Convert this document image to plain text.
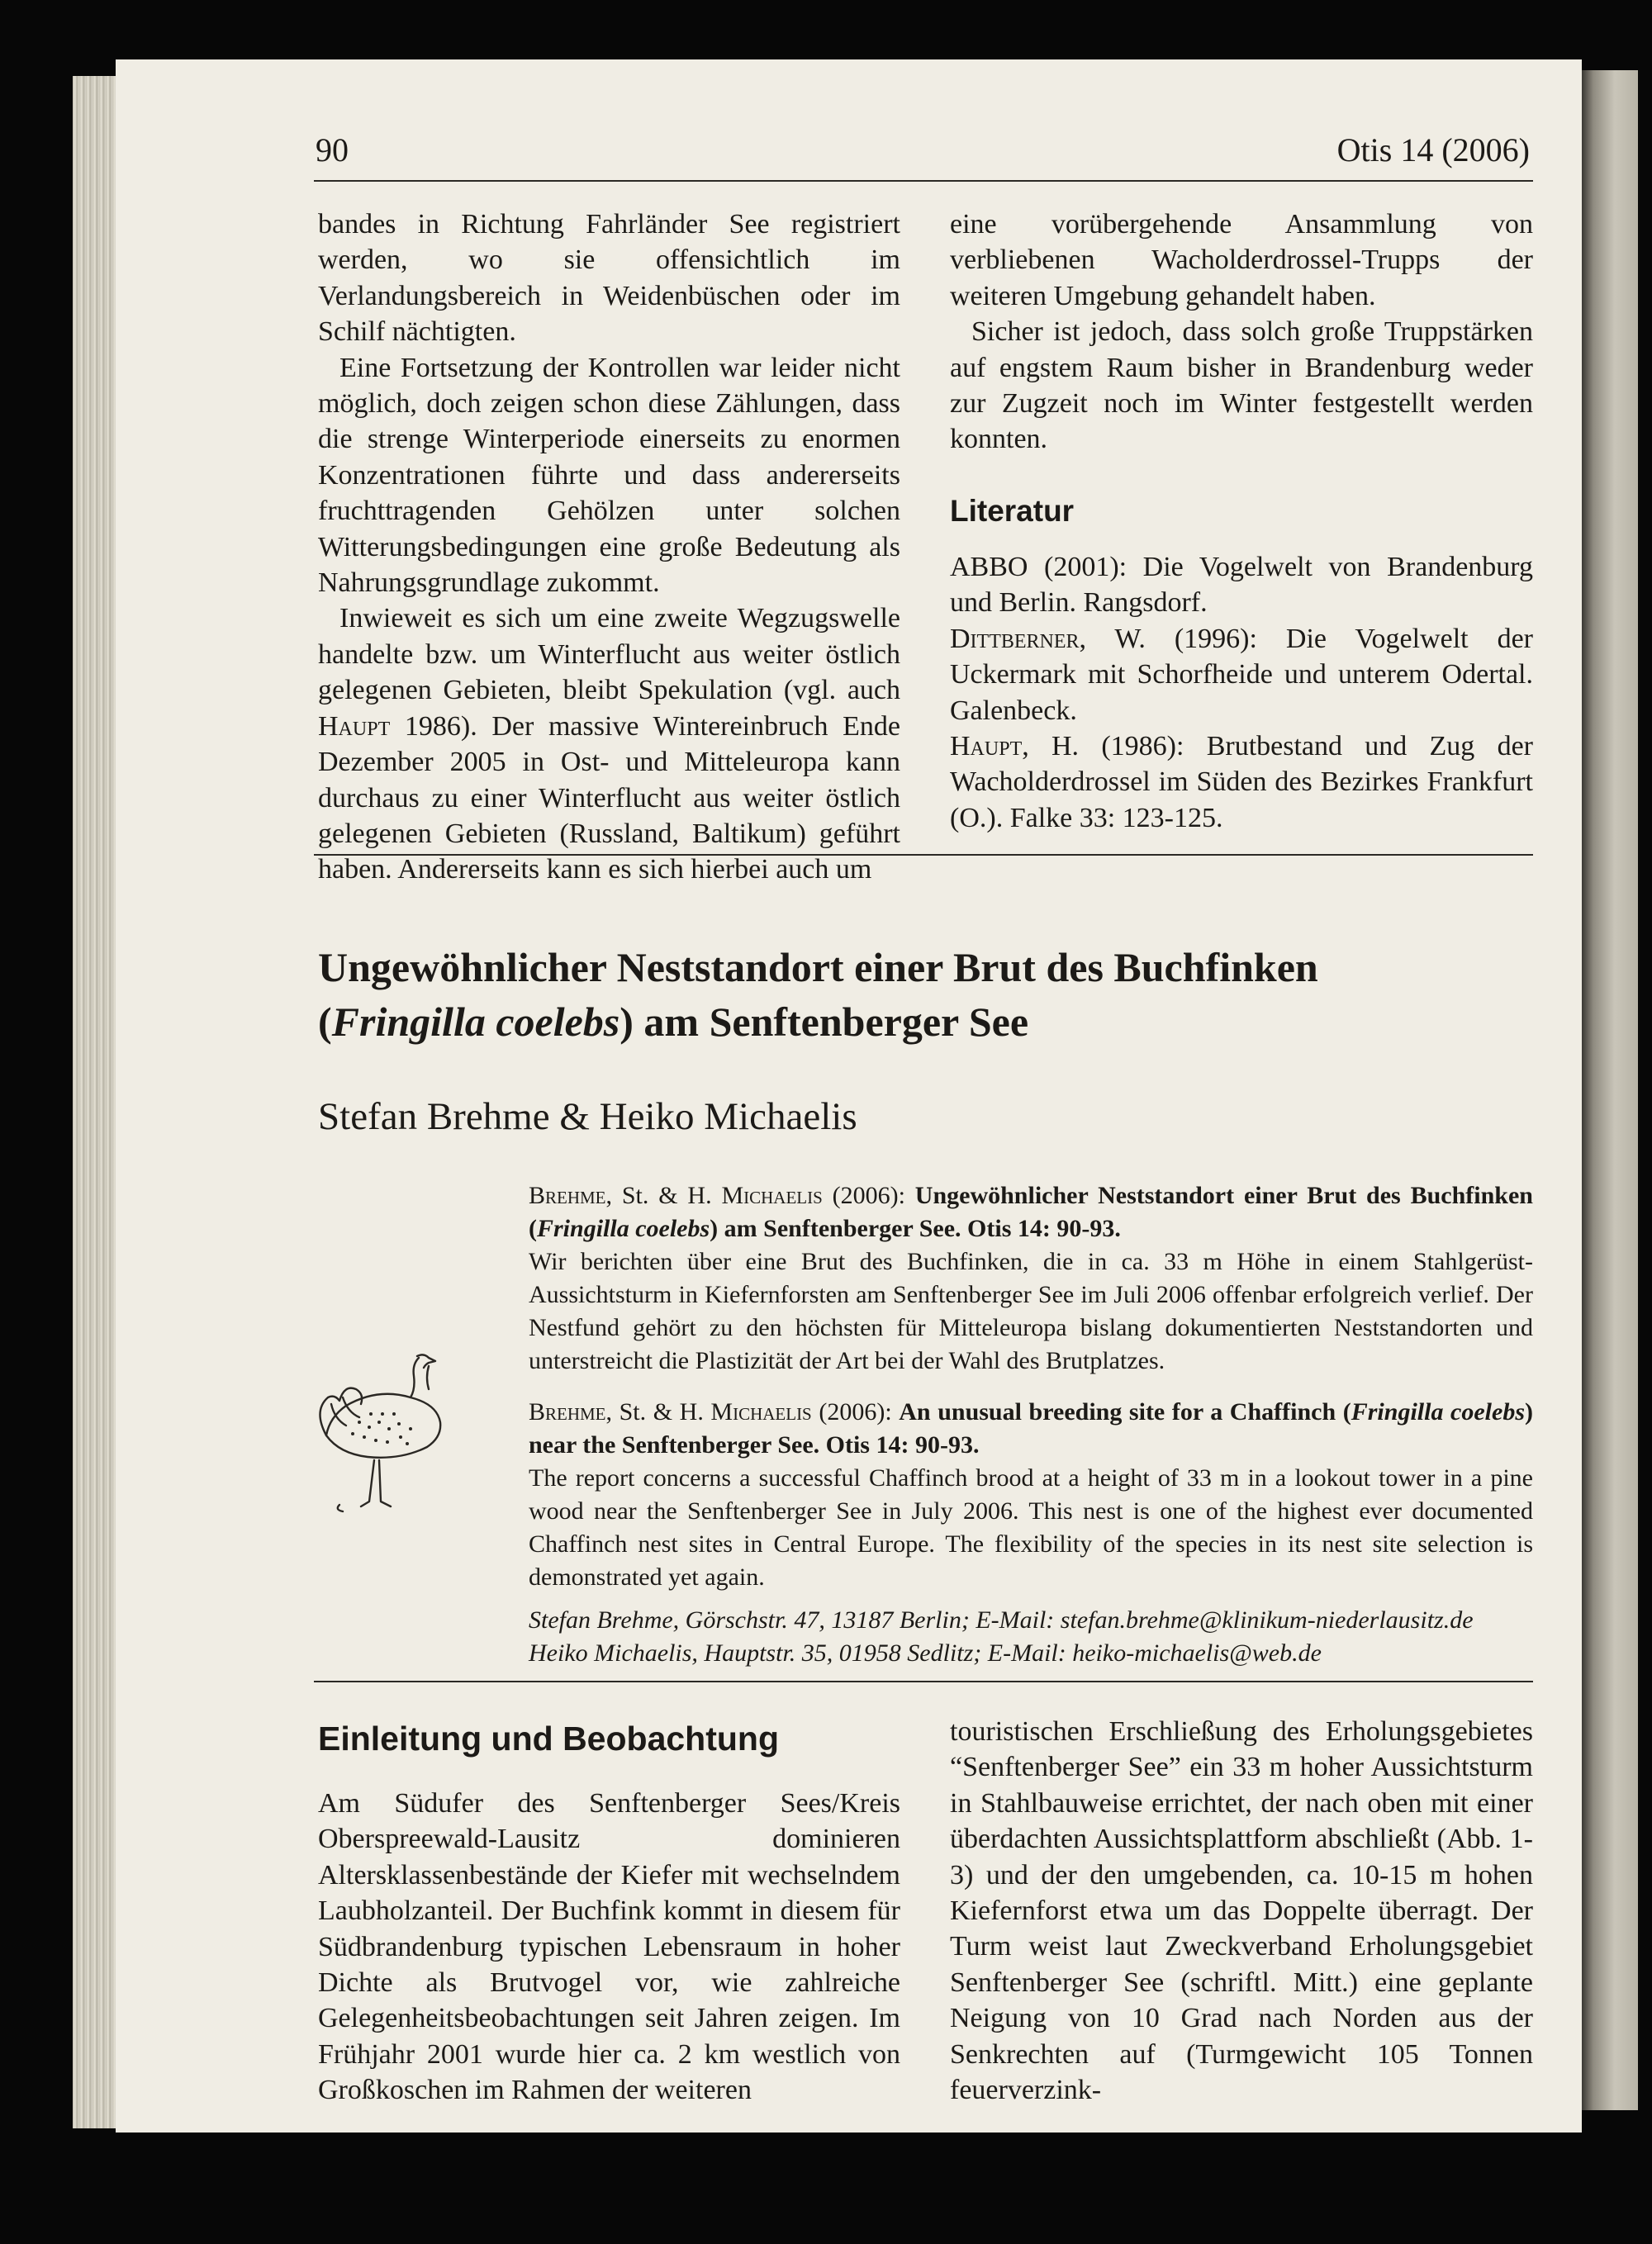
90	Otis 14 (2006)

bandes in Richtung Fahrländer See registriert werden, wo sie offensichtlich im Verlandungsbereich in Weidenbüschen oder im Schilf nächtigten.

Eine Fortsetzung der Kontrollen war leider nicht möglich, doch zeigen schon diese Zählungen, dass die strenge Winterperiode einerseits zu enormen Konzentrationen führte und dass andererseits fruchttragenden Gehölzen unter solchen Witterungsbedingungen eine große Bedeutung als Nahrungsgrundlage zukommt.

Inwieweit es sich um eine zweite Wegzugswelle handelte bzw. um Winterflucht aus weiter östlich gelegenen Gebieten, bleibt Spekulation (vgl. auch Haupt 1986). Der massive Wintereinbruch Ende Dezember 2005 in Ost- und Mitteleuropa kann durchaus zu einer Winterflucht aus weiter östlich gelegenen Gebieten (Russland, Baltikum) geführt haben. Andererseits kann es sich hierbei auch um

eine vorübergehende Ansammlung von verbliebenen Wacholderdrossel-Trupps der weiteren Umgebung gehandelt haben.

Sicher ist jedoch, dass solch große Truppstärken auf engstem Raum bisher in Brandenburg weder zur Zugzeit noch im Winter festgestellt werden konnten.

Literatur

ABBO (2001): Die Vogelwelt von Brandenburg und Berlin. Rangsdorf.

Dittberner, W. (1996): Die Vogelwelt der Uckermark mit Schorfheide und unterem Odertal. Galenbeck.

Haupt, H. (1986): Brutbestand und Zug der Wacholderdrossel im Süden des Bezirkes Frankfurt (O.). Falke 33: 123-125.

Ungewöhnlicher Neststandort einer Brut des Buchfinken
(Fringilla coelebs) am Senftenberger See
Stefan Brehme & Heiko Michaelis

Brehme, St. & H. Michaelis (2006): Ungewöhnlicher Neststandort einer Brut des Buchfinken (Fringilla coelebs) am Senftenberger See. Otis 14: 90-93.

Wir berichten über eine Brut des Buchfinken, die in ca. 33 m Höhe in einem Stahlgerüst-Aussichtsturm in Kiefernforsten am Senftenberger See im Juli 2006 offenbar erfolgreich verlief. Der Nestfund gehört zu den höchsten für Mitteleuropa bislang dokumentierten Neststandorten und unterstreicht die Plastizität der Art bei der Wahl des Brutplatzes.

Brehme, St. & H. Michaelis (2006): An unusual breeding site for a Chaffinch (Fringilla coelebs) near the Senftenberger See. Otis 14: 90-93.

The report concerns a successful Chaffinch brood at a height of 33 m in a lookout tower in a pine wood near the Senftenberger See in July 2006. This nest is one of the highest ever documented Chaffinch nest sites in Central Europe. The flexibility of the species in its nest site selection is demonstrated yet again.

Stefan Brehme, Görschstr. 47, 13187 Berlin; E-Mail: stefan.brehme@klinikum-niederlausitz.de
Heiko Michaelis, Hauptstr. 35, 01958 Sedlitz; E-Mail: heiko-michaelis@web.de
Einleitung und Beobachtung

Am Südufer des Senftenberger Sees/Kreis Oberspreewald-Lausitz dominieren Altersklassenbestände der Kiefer mit wechselndem Laubholzanteil. Der Buchfink kommt in diesem für Südbrandenburg typischen Lebensraum in hoher Dichte als Brutvogel vor, wie zahlreiche Gelegenheitsbeobachtungen seit Jahren zeigen. Im Frühjahr 2001 wurde hier ca. 2 km westlich von Großkoschen im Rahmen der weiteren

touristischen Erschließung des Erholungsgebietes “Senftenberger See” ein 33 m hoher Aussichtsturm in Stahlbauweise errichtet, der nach oben mit einer überdachten Aussichtsplattform abschließt (Abb. 1-3) und der den umgebenden, ca. 10-15 m hohen Kiefernforst etwa um das Doppelte überragt. Der Turm weist laut Zweckverband Erholungsgebiet Senftenberger See (schriftl. Mitt.) eine geplante Neigung von 10 Grad nach Norden aus der Senkrechten auf (Turmgewicht 105 Tonnen feuerverzink-
